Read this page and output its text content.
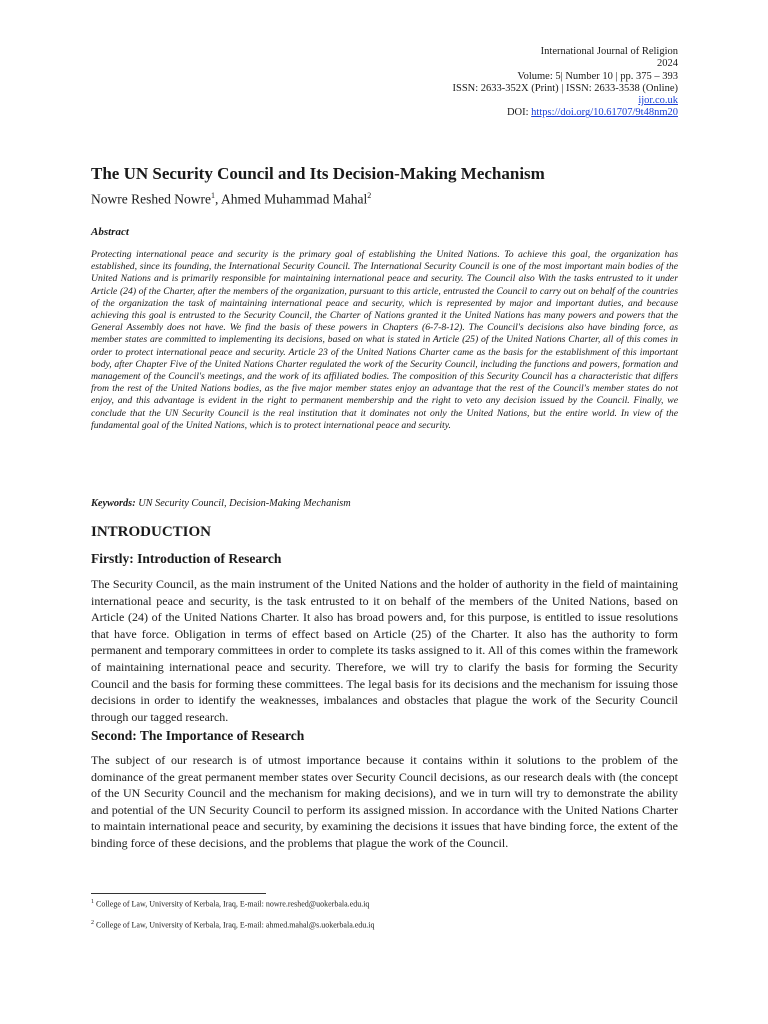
International Journal of Religion
2024
Volume: 5| Number 10 | pp. 375 – 393
ISSN: 2633-352X (Print) | ISSN: 2633-3538 (Online)
ijor.co.uk
DOI: https://doi.org/10.61707/9t48nm20
The UN Security Council and Its Decision-Making Mechanism
Nowre Reshed Nowre$^1$, Ahmed Muhammad Mahal$^2$
Abstract

Protecting international peace and security is the primary goal of establishing the United Nations. To achieve this goal, the organization has established, since its founding, the International Security Council. The International Security Council is one of the most important main bodies of the United Nations and is primarily responsible for maintaining international peace and security. The Council also With the tasks entrusted to it under Article (24) of the Charter, after the members of the organization, pursuant to this article, entrusted the Council to carry out on behalf of the countries of the organization the task of maintaining international peace and security, which is represented by major and important duties, and because achieving this goal is entrusted to the Security Council, the Charter of Nations granted it the United Nations has many powers and powers that the General Assembly does not have. We find the basis of these powers in Chapters (6-7-8-12). The Council's decisions also have binding force, as member states are committed to implementing its decisions, based on what is stated in Article (25) of the United Nations Charter, all of this comes in order to protect international peace and security. Article 23 of the United Nations Charter came as the basis for the establishment of this important body, after Chapter Five of the United Nations Charter regulated the work of the Security Council, including the functions and powers, formation and management of the Council's meetings, and the work of its affiliated bodies. The composition of this Security Council has a characteristic that differs from the rest of the United Nations bodies, as the five major member states enjoy an advantage that the rest of the Council's member states do not enjoy, and this advantage is evident in the right to permanent membership and the right to veto any decision issued by the Council. Finally, we conclude that the UN Security Council is the real institution that it dominates not only the United Nations, but the entire world. In view of the fundamental goal of the United Nations, which is to protect international peace and security.

Keywords: UN Security Council, Decision-Making Mechanism
INTRODUCTION
Firstly: Introduction of Research

The Security Council, as the main instrument of the United Nations and the holder of authority in the field of maintaining international peace and security, is the task entrusted to it on behalf of the members of the United Nations, based on Article (24) of the United Nations Charter. It also has broad powers and, for this purpose, is entitled to issue resolutions that have force. Obligation in terms of effect based on Article (25) of the Charter. It also has the authority to form permanent and temporary committees in order to complete its tasks assigned to it. All of this comes within the framework of maintaining international peace and security. Therefore, we will try to clarify the basis for forming the Security Council and the basis for forming these committees. The legal basis for its decisions and the mechanism for issuing those decisions in order to identify the weaknesses, imbalances and obstacles that plague the work of the Security Council through our tagged research.

Second: The Importance of Research

The subject of our research is of utmost importance because it contains within it solutions to the problem of the dominance of the great permanent member states over Security Council decisions, as our research deals with (the concept of the UN Security Council and the mechanism for making decisions), and we in turn will try to demonstrate the ability and potential of the UN Security Council to perform its assigned mission. In accordance with the United Nations Charter to maintain international peace and security, by examining the decisions it issues that have binding force, the extent of the binding force of these decisions, and the problems that plague the work of the Council.

$^1$ College of Law, University of Kerbala, Iraq, E-mail: nowre.reshed@uokerbala.edu.iq
$^2$ College of Law, University of Kerbala, Iraq, E-mail: ahmed.mahal@s.uokerbala.edu.iq
